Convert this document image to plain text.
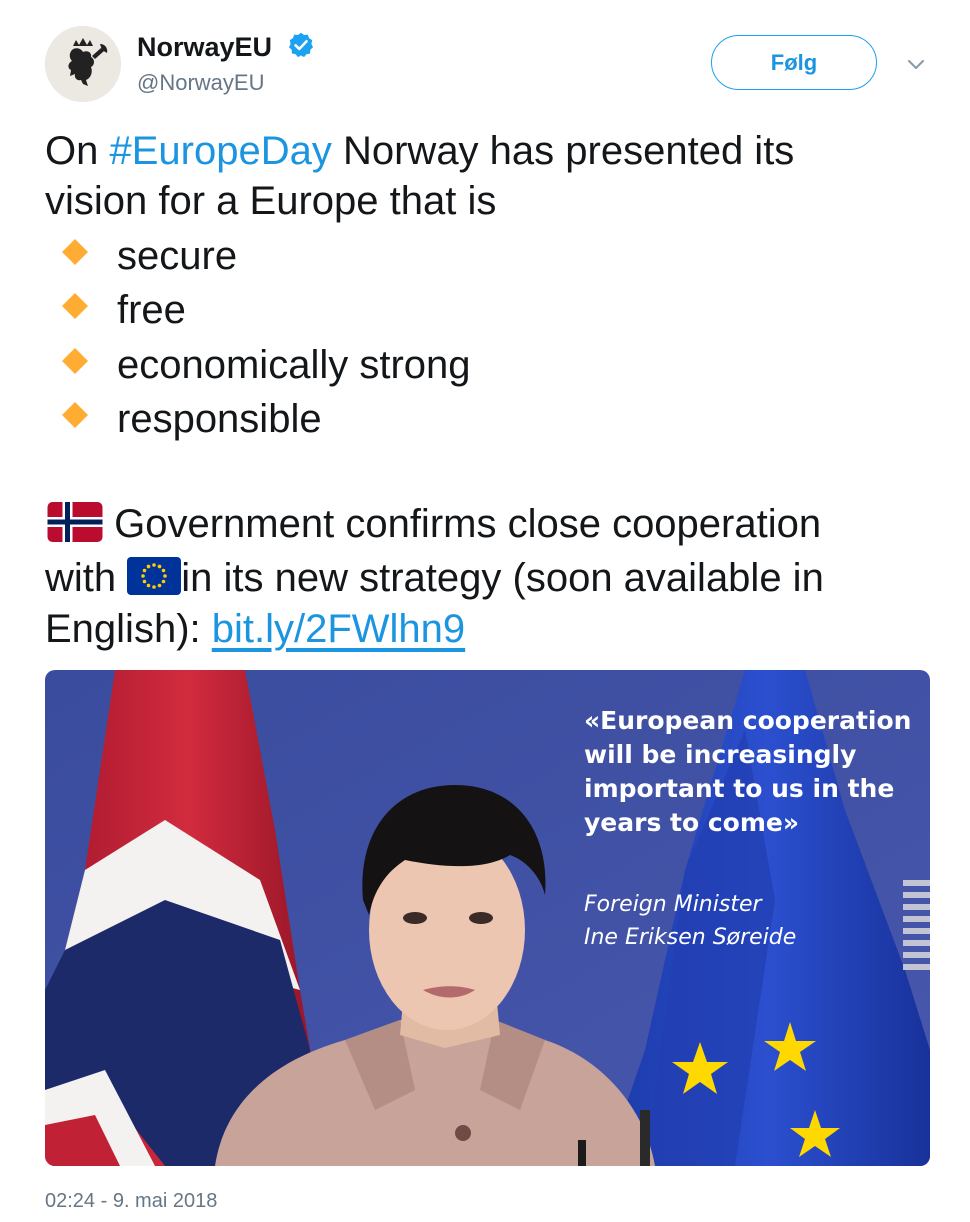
NorwayEU
@NorwayEU
Følg
On #EuropeDay Norway has presented its
vision for a Europe that is
secure
free
economically strong
responsible
Government confirms close cooperation
with
in its new strategy (soon available in
English): bit.ly/2FWlhn9
«European cooperation
will be increasingly
important to us in the
years to come»
Foreign Minister
Ine Eriksen Søreide
02:24 - 9. mai 2018
